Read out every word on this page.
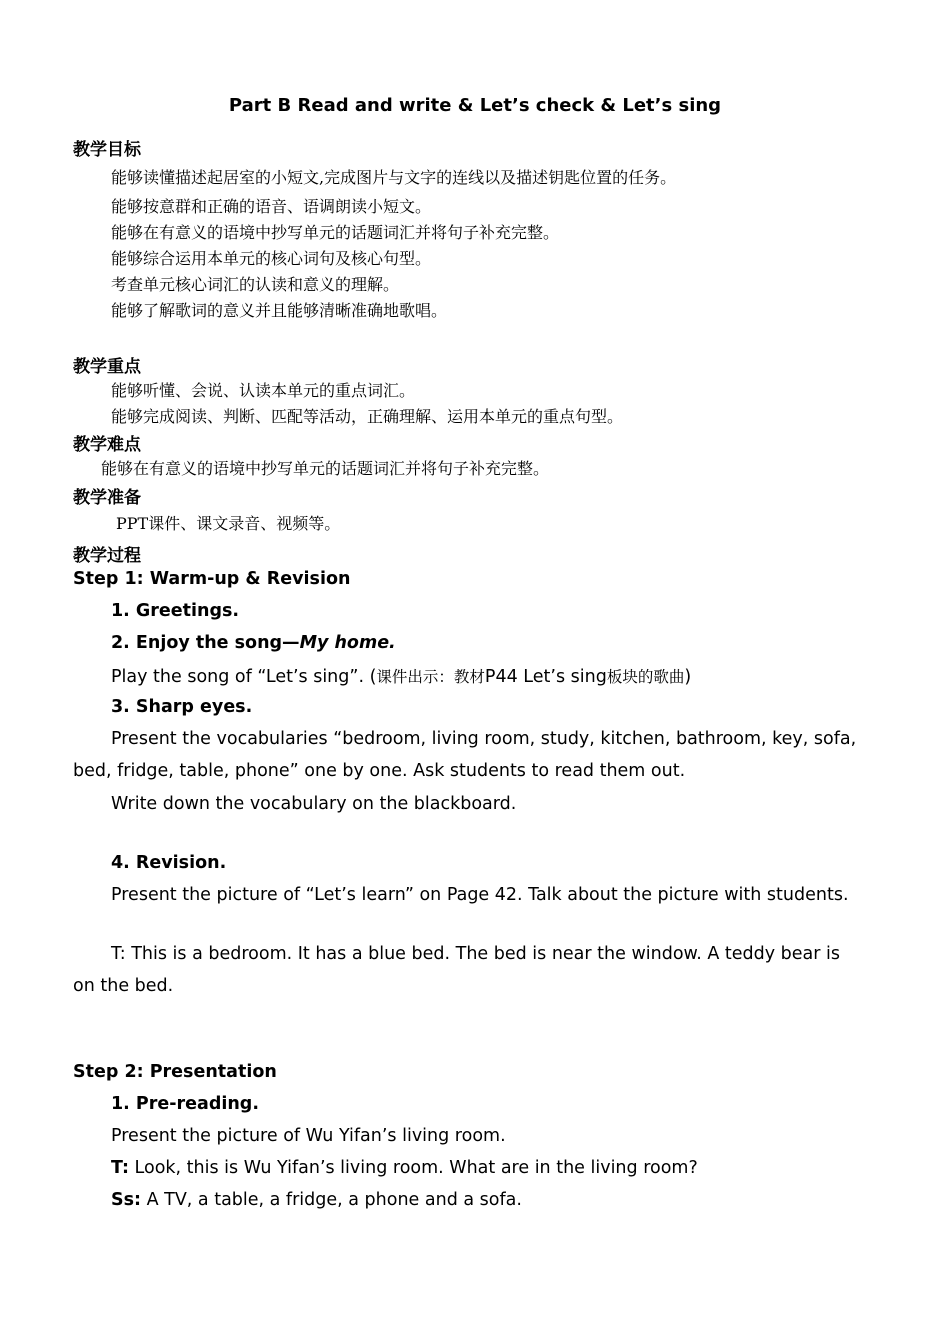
Part B Read and write & Let’s check & Let’s sing
教学目标
能够读懂描述起居室的小短文,完成图片与文字的连线以及描述钥匙位置的任务。
能够按意群和正确的语音、语调朗读小短文。
能够在有意义的语境中抄写单元的话题词汇并将句子补充完整。
能够综合运用本单元的核心词句及核心句型。
考查单元核心词汇的认读和意义的理解。
能够了解歌词的意义并且能够清晰准确地歌唱。
教学重点
能够听懂、会说、认读本单元的重点词汇。
能够完成阅读、判断、匹配等活动，正确理解、运用本单元的重点句型。
教学难点
能够在有意义的语境中抄写单元的话题词汇并将句子补充完整。
教学准备
PPT课件、课文录音、视频等。
教学过程
Step 1: Warm-up & Revision
1. Greetings.
2. Enjoy the song—My home.
Play the song of “Let’s sing”. (课件出示：教材P44 Let’s sing板块的歌曲)
3. Sharp eyes.
Present the vocabularies “bedroom, living room, study, kitchen, bathroom, key, sofa,
bed, fridge, table, phone” one by one. Ask students to read them out.
Write down the vocabulary on the blackboard.
4. Revision.
Present the picture of “Let’s learn” on Page 42. Talk about the picture with students.
T: This is a bedroom. It has a blue bed. The bed is near the window. A teddy bear is
on the bed.
Step 2: Presentation
1. Pre-reading.
Present the picture of Wu Yifan’s living room.
T: Look, this is Wu Yifan’s living room. What are in the living room?
Ss: A TV, a table, a fridge, a phone and a sofa.
